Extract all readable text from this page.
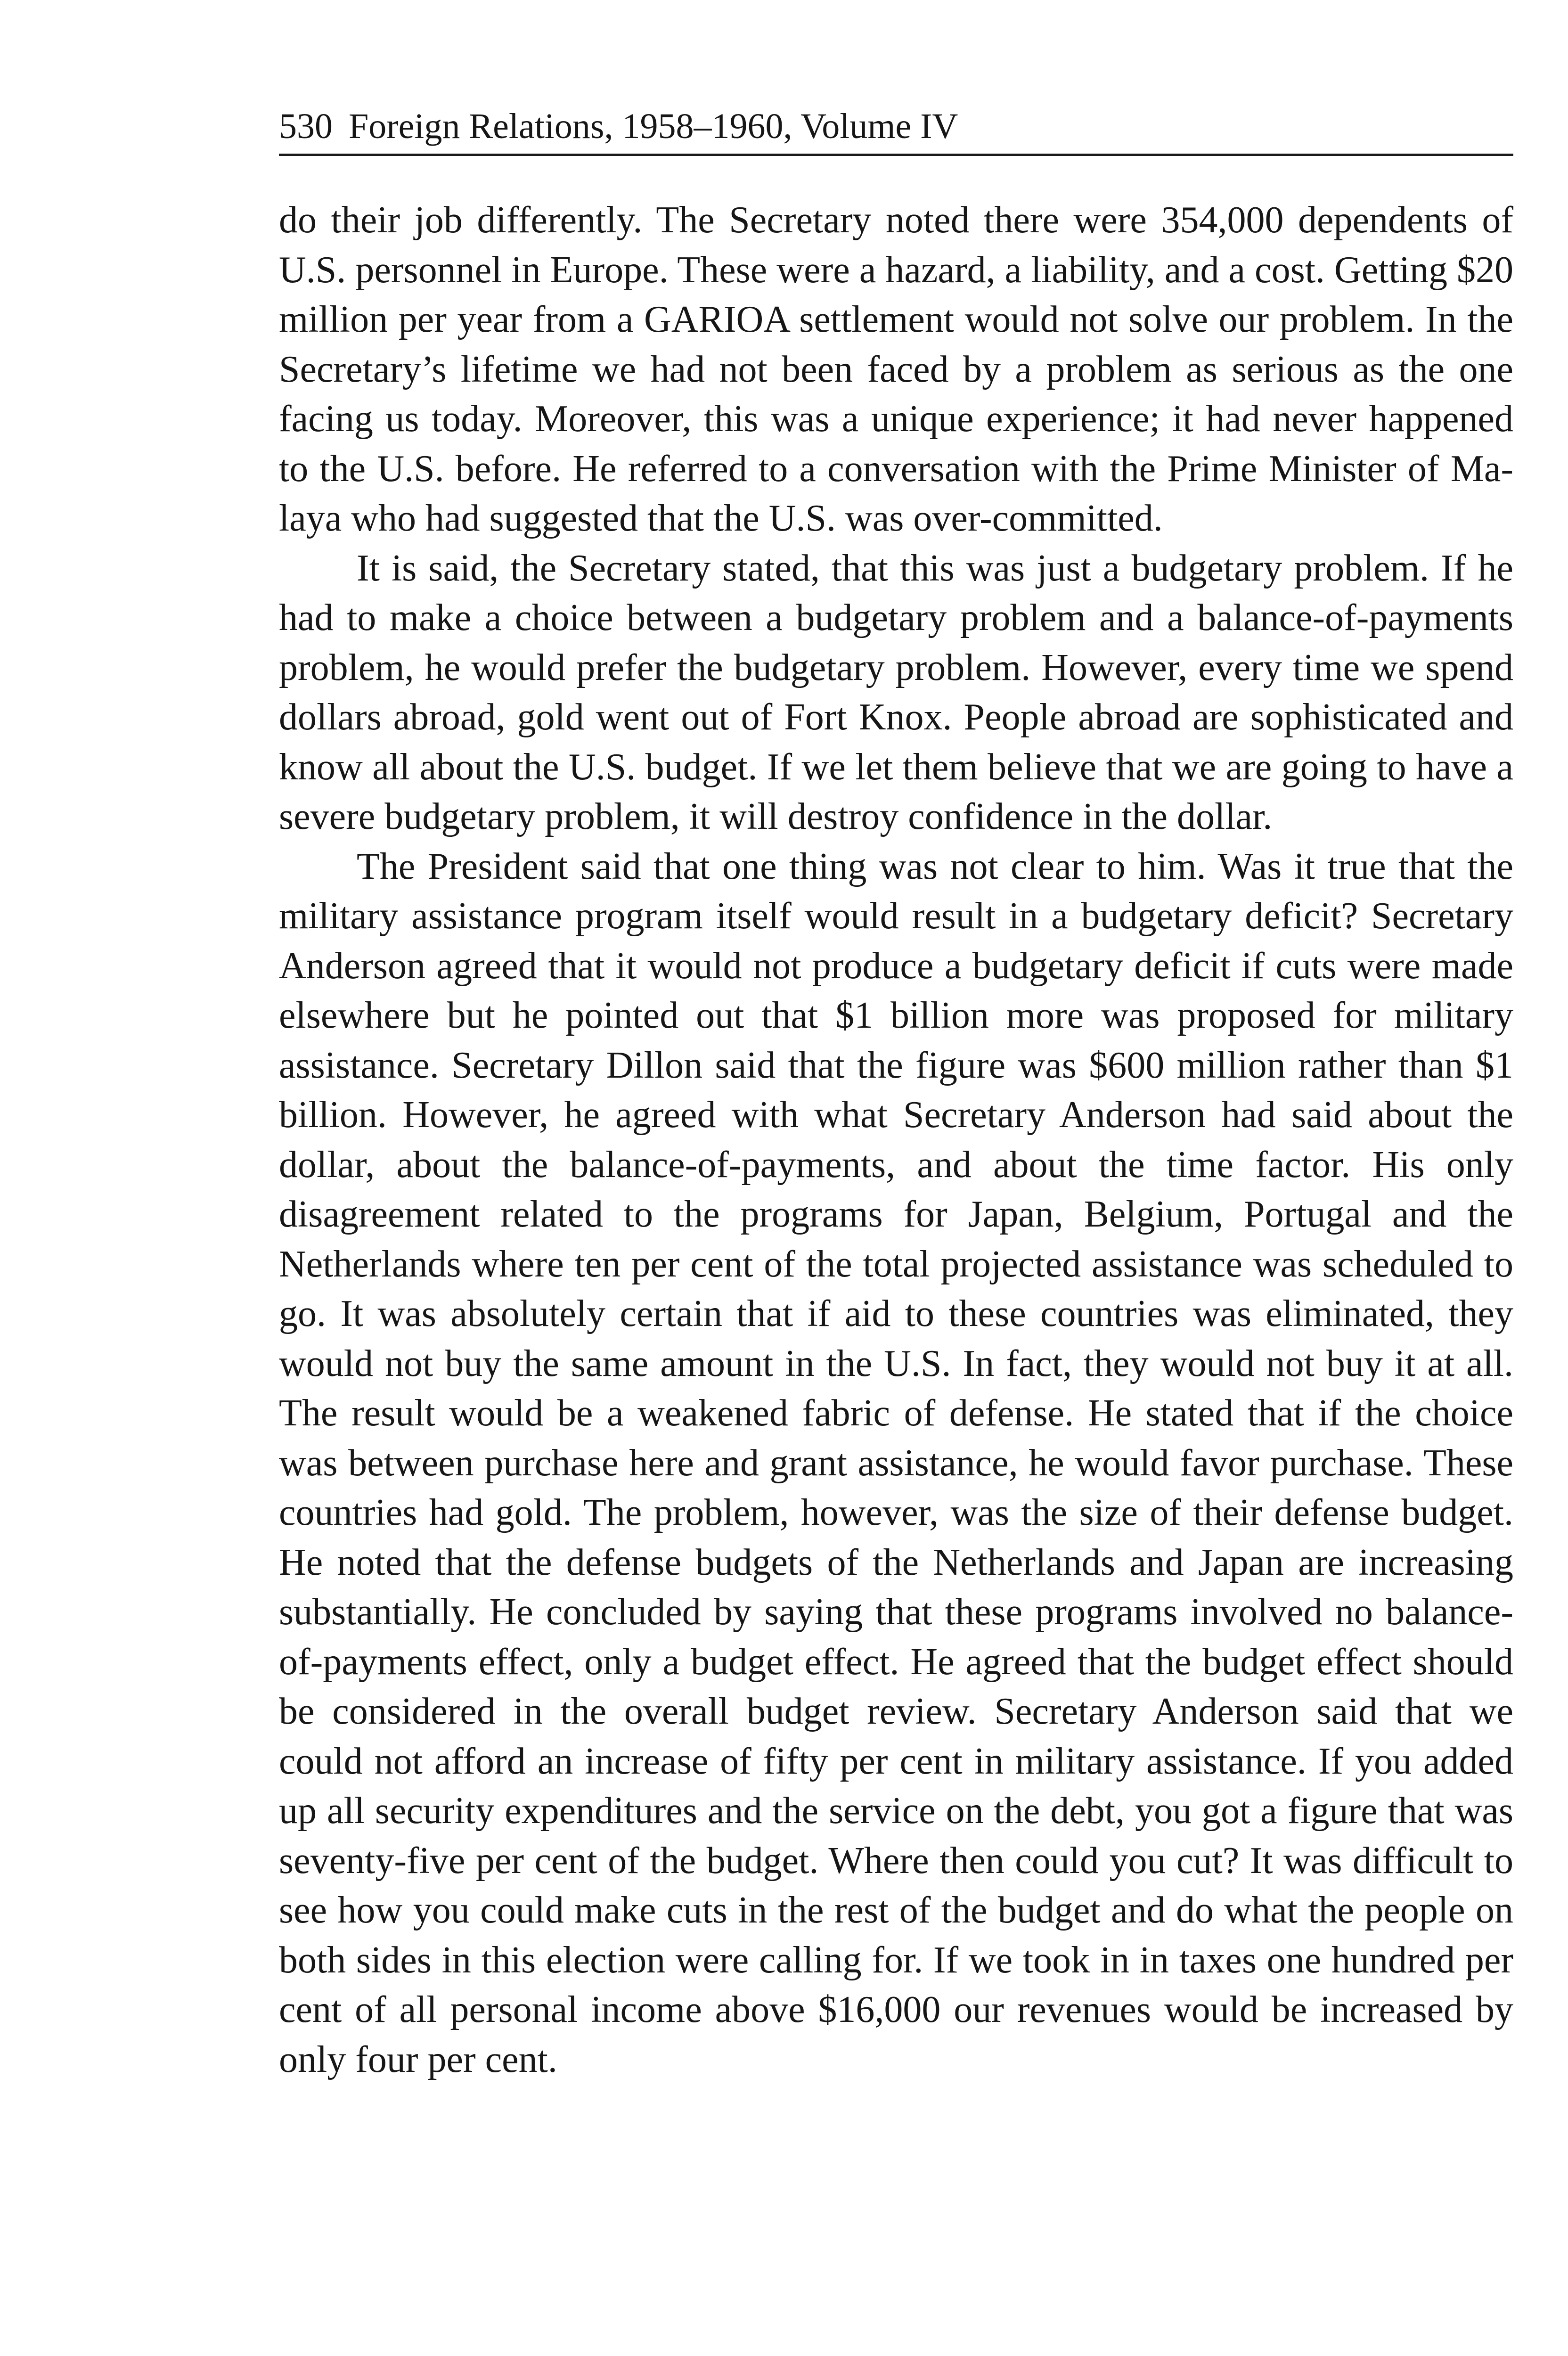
530 Foreign Relations, 1958–1960, Volume IV

do their job differently. The Secretary noted there were 354,000 dependents of U.S. personnel in Europe. These were a hazard, a liability, and a cost. Getting $20 million per year from a GARIOA settlement would not solve our problem. In the Secretary’s lifetime we had not been faced by a problem as serious as the one facing us today. Moreover, this was a unique experience; it had never happened to the U.S. before. He referred to a conversation with the Prime Minister of Malaya who had suggested that the U.S. was over-committed.

It is said, the Secretary stated, that this was just a budgetary problem. If he had to make a choice between a budgetary problem and a balance-of-payments problem, he would prefer the budgetary problem. However, every time we spend dollars abroad, gold went out of Fort Knox. People abroad are sophisticated and know all about the U.S. budget. If we let them believe that we are going to have a severe budgetary problem, it will destroy confidence in the dollar.

The President said that one thing was not clear to him. Was it true that the military assistance program itself would result in a budgetary deficit? Secretary Anderson agreed that it would not produce a budgetary deficit if cuts were made elsewhere but he pointed out that $1 billion more was proposed for military assistance. Secretary Dillon said that the figure was $600 million rather than $1 billion. However, he agreed with what Secretary Anderson had said about the dollar, about the balance-of-payments, and about the time factor. His only disagreement related to the programs for Japan, Belgium, Portugal and the Netherlands where ten per cent of the total projected assistance was scheduled to go. It was absolutely certain that if aid to these countries was eliminated, they would not buy the same amount in the U.S. In fact, they would not buy it at all. The result would be a weakened fabric of defense. He stated that if the choice was between purchase here and grant assistance, he would favor purchase. These countries had gold. The problem, however, was the size of their defense budget. He noted that the defense budgets of the Netherlands and Japan are increasing substantially. He concluded by saying that these programs involved no balance-of-payments effect, only a budget effect. He agreed that the budget effect should be considered in the overall budget review. Secretary Anderson said that we could not afford an increase of fifty per cent in military assistance. If you added up all security expenditures and the service on the debt, you got a figure that was seventy-five per cent of the budget. Where then could you cut? It was difficult to see how you could make cuts in the rest of the budget and do what the people on both sides in this election were calling for. If we took in in taxes one hundred per cent of all personal income above $16,000 our revenues would be increased by only four per cent.
